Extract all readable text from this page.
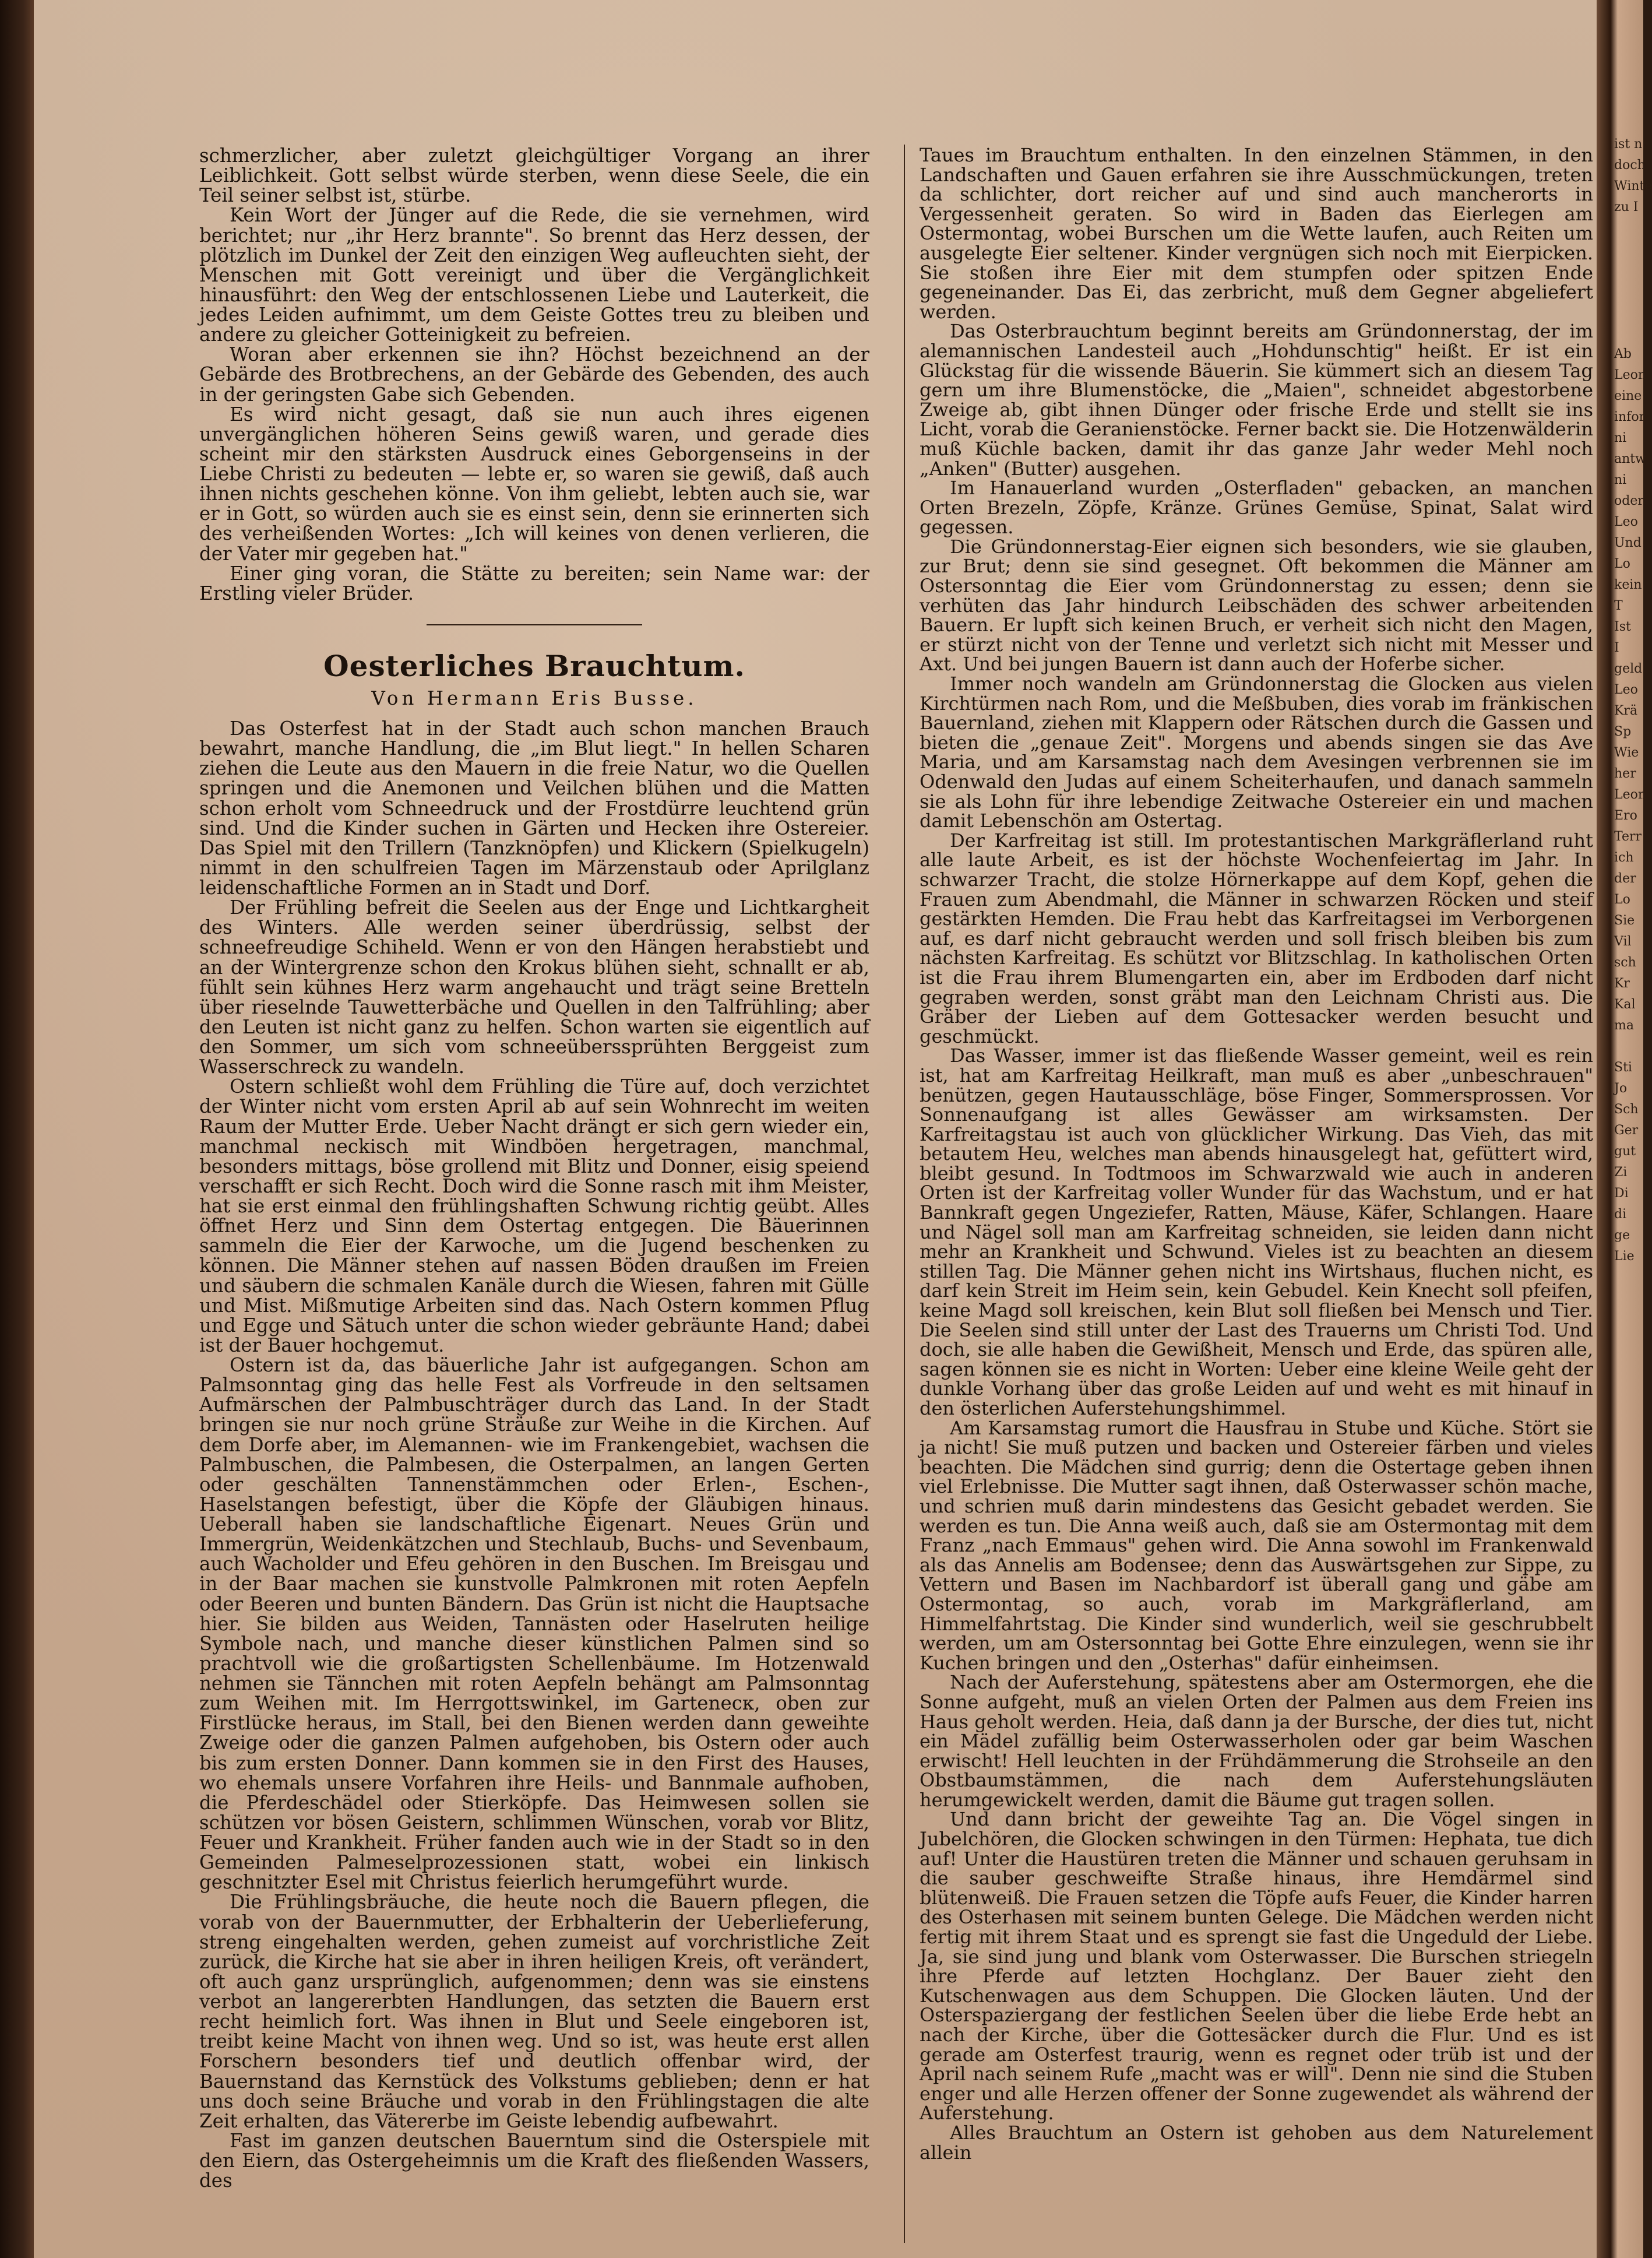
schmerzlicher, aber zuletzt gleichgültiger Vorgang an ihrer Leiblichkeit. Gott selbst würde sterben, wenn diese Seele, die ein Teil seiner selbst ist, stürbe.

Kein Wort der Jünger auf die Rede, die sie vernehmen, wird berichtet; nur „ihr Herz brannte". So brennt das Herz dessen, der plötzlich im Dunkel der Zeit den einzigen Weg aufleuchten sieht, der Menschen mit Gott vereinigt und über die Vergänglichkeit hinausführt: den Weg der entschlossenen Liebe und Lauterkeit, die jedes Leiden aufnimmt, um dem Geiste Gottes treu zu bleiben und andere zu gleicher Gotteinigkeit zu befreien.

Woran aber erkennen sie ihn? Höchst bezeichnend an der Gebärde des Brotbrechens, an der Gebärde des Gebenden, des auch in der geringsten Gabe sich Gebenden.

Es wird nicht gesagt, daß sie nun auch ihres eigenen unvergänglichen höheren Seins gewiß waren, und gerade dies scheint mir den stärksten Ausdruck eines Geborgenseins in der Liebe Christi zu bedeuten — lebte er, so waren sie gewiß, daß auch ihnen nichts geschehen könne. Von ihm geliebt, lebten auch sie, war er in Gott, so würden auch sie es einst sein, denn sie erinnerten sich des verheißenden Wortes: „Ich will keines von denen verlieren, die der Vater mir gegeben hat."

Einer ging voran, die Stätte zu bereiten; sein Name war: der Erstling vieler Brüder.

Oesterliches Brauchtum.
Von Hermann Eris Busse.

Das Osterfest hat in der Stadt auch schon manchen Brauch bewahrt, manche Handlung, die „im Blut liegt." In hellen Scharen ziehen die Leute aus den Mauern in die freie Natur, wo die Quellen springen und die Anemonen und Veilchen blühen und die Matten schon erholt vom Schneedruck und der Frostdürre leuchtend grün sind. Und die Kinder suchen in Gärten und Hecken ihre Ostereier. Das Spiel mit den Trillern (Tanzknöpfen) und Klickern (Spielkugeln) nimmt in den schulfreien Tagen im Märzenstaub oder Aprilglanz leidenschaftliche Formen an in Stadt und Dorf.

Der Frühling befreit die Seelen aus der Enge und Lichtkargheit des Winters. Alle werden seiner überdrüssig, selbst der schneefreudige Schiheld. Wenn er von den Hängen herabstiebt und an der Wintergrenze schon den Krokus blühen sieht, schnallt er ab, fühlt sein kühnes Herz warm angehaucht und trägt seine Bretteln über rieselnde Tauwetterbäche und Quellen in den Talfrühling; aber den Leuten ist nicht ganz zu helfen. Schon warten sie eigentlich auf den Sommer, um sich vom schneeüberssprühten Berggeist zum Wasserschreck zu wandeln.

Ostern schließt wohl dem Frühling die Türe auf, doch verzichtet der Winter nicht vom ersten April ab auf sein Wohnrecht im weiten Raum der Mutter Erde. Ueber Nacht drängt er sich gern wieder ein, manchmal neckisch mit Windböen hergetragen, manchmal, besonders mittags, böse grollend mit Blitz und Donner, eisig speiend verschafft er sich Recht. Doch wird die Sonne rasch mit ihm Meister, hat sie erst einmal den frühlingshaften Schwung richtig geübt. Alles öffnet Herz und Sinn dem Ostertag entgegen. Die Bäuerinnen sammeln die Eier der Karwoche, um die Jugend beschenken zu können. Die Männer stehen auf nassen Böden draußen im Freien und säubern die schmalen Kanäle durch die Wiesen, fahren mit Gülle und Mist. Mißmutige Arbeiten sind das. Nach Ostern kommen Pflug und Egge und Sätuch unter die schon wieder gebräunte Hand; dabei ist der Bauer hochgemut.

Ostern ist da, das bäuerliche Jahr ist aufgegangen. Schon am Palmsonntag ging das helle Fest als Vorfreude in den seltsamen Aufmärschen der Palmbuschträger durch das Land. In der Stadt bringen sie nur noch grüne Sträuße zur Weihe in die Kirchen. Auf dem Dorfe aber, im Alemannen- wie im Frankengebiet, wachsen die Palmbuschen, die Palmbesen, die Osterpalmen, an langen Gerten oder geschälten Tannenstämmchen oder Erlen-, Eschen-, Haselstangen befestigt, über die Köpfe der Gläubigen hinaus. Ueberall haben sie landschaftliche Eigenart. Neues Grün und Immergrün, Weidenkätzchen und Stechlaub, Buchs- und Sevenbaum, auch Wacholder und Efeu gehören in den Buschen. Im Breisgau und in der Baar machen sie kunstvolle Palmkronen mit roten Aepfeln oder Beeren und bunten Bändern. Das Grün ist nicht die Hauptsache hier. Sie bilden aus Weiden, Tannästen oder Haselruten heilige Symbole nach, und manche dieser künstlichen Palmen sind so prachtvoll wie die großartigsten Schellenbäume. Im Hotzenwald nehmen sie Tännchen mit roten Aepfeln behängt am Palmsonntag zum Weihen mit. Im Herrgottswinkel, im Gartenecк, oben zur Firstlücke heraus, im Stall, bei den Bienen werden dann geweihte Zweige oder die ganzen Palmen aufgehoben, bis Ostern oder auch bis zum ersten Donner. Dann kommen sie in den First des Hauses, wo ehemals unsere Vorfahren ihre Heils- und Bannmale aufhoben, die Pferdeschädel oder Stierköpfe. Das Heimwesen sollen sie schützen vor bösen Geistern, schlimmen Wünschen, vorab vor Blitz, Feuer und Krankheit. Früher fanden auch wie in der Stadt so in den Gemeinden Palmeselprozessionen statt, wobei ein linkisch geschnitzter Esel mit Christus feierlich herumgeführt wurde.

Die Frühlingsbräuche, die heute noch die Bauern pflegen, die vorab von der Bauernmutter, der Erbhalterin der Ueberlieferung, streng eingehalten werden, gehen zumeist auf vorchristliche Zeit zurück, die Kirche hat sie aber in ihren heiligen Kreis, oft verändert, oft auch ganz ursprünglich, aufgenommen; denn was sie einstens verbot an langererbten Handlungen, das setzten die Bauern erst recht heimlich fort. Was ihnen in Blut und Seele eingeboren ist, treibt keine Macht von ihnen weg. Und so ist, was heute erst allen Forschern besonders tief und deutlich offenbar wird, der Bauernstand das Kernstück des Volkstums geblieben; denn er hat uns doch seine Bräuche und vorab in den Frühlingstagen die alte Zeit erhalten, das Vätererbe im Geiste lebendig aufbewahrt.

Fast im ganzen deutschen Bauerntum sind die Osterspiele mit den Eiern, das Ostergeheimnis um die Kraft des fließenden Wassers, des

Taues im Brauchtum enthalten. In den einzelnen Stämmen, in den Landschaften und Gauen erfahren sie ihre Ausschmückungen, treten da schlichter, dort reicher auf und sind auch mancherorts in Vergessenheit geraten. So wird in Baden das Eierlegen am Ostermontag, wobei Burschen um die Wette laufen, auch Reiten um ausgelegte Eier seltener. Kinder vergnügen sich noch mit Eierpicken. Sie stoßen ihre Eier mit dem stumpfen oder spitzen Ende gegeneinander. Das Ei, das zerbricht, muß dem Gegner abgeliefert werden.

Das Osterbrauchtum beginnt bereits am Gründonnerstag, der im alemannischen Landesteil auch „Hohdunschtig" heißt. Er ist ein Glückstag für die wissende Bäuerin. Sie kümmert sich an diesem Tag gern um ihre Blumenstöcke, die „Maien", schneidet abgestorbene Zweige ab, gibt ihnen Dünger oder frische Erde und stellt sie ins Licht, vorab die Geranienstöcke. Ferner backt sie. Die Hotzenwälderin muß Küchle backen, damit ihr das ganze Jahr weder Mehl noch „Anken" (Butter) ausgehen.

Im Hanauerland wurden „Osterfladen" gebacken, an manchen Orten Brezeln, Zöpfe, Kränze. Grünes Gemüse, Spinat, Salat wird gegessen.

Die Gründonnerstag-Eier eignen sich besonders, wie sie glauben, zur Brut; denn sie sind gesegnet. Oft bekommen die Männer am Ostersonntag die Eier vom Gründonnerstag zu essen; denn sie verhüten das Jahr hindurch Leibschäden des schwer arbeitenden Bauern. Er lupft sich keinen Bruch, er verheit sich nicht den Magen, er stürzt nicht von der Tenne und verletzt sich nicht mit Messer und Axt. Und bei jungen Bauern ist dann auch der Hoferbe sicher.

Immer noch wandeln am Gründonnerstag die Glocken aus vielen Kirchtürmen nach Rom, und die Meßbuben, dies vorab im fränkischen Bauernland, ziehen mit Klappern oder Rätschen durch die Gassen und bieten die „genaue Zeit". Morgens und abends singen sie das Ave Maria, und am Karsamstag nach dem Avesingen verbrennen sie im Odenwald den Judas auf einem Scheiterhaufen, und danach sammeln sie als Lohn für ihre lebendige Zeitwache Ostereier ein und machen damit Lebenschön am Ostertag.

Der Karfreitag ist still. Im protestantischen Markgräflerland ruht alle laute Arbeit, es ist der höchste Wochenfeiertag im Jahr. In schwarzer Tracht, die stolze Hörnerkappe auf dem Kopf, gehen die Frauen zum Abendmahl, die Männer in schwarzen Röcken und steif gestärkten Hemden. Die Frau hebt das Karfreitagsei im Verborgenen auf, es darf nicht gebraucht werden und soll frisch bleiben bis zum nächsten Karfreitag. Es schützt vor Blitzschlag. In katholischen Orten ist die Frau ihrem Blumengarten ein, aber im Erdboden darf nicht gegraben werden, sonst gräbt man den Leichnam Christi aus. Die Gräber der Lieben auf dem Gottesacker werden besucht und geschmückt.

Das Wasser, immer ist das fließende Wasser gemeint, weil es rein ist, hat am Karfreitag Heilkraft, man muß es aber „unbeschrauen" benützen, gegen Hautausschläge, böse Finger, Sommersprossen. Vor Sonnenaufgang ist alles Gewässer am wirksamsten. Der Karfreitagstau ist auch von glücklicher Wirkung. Das Vieh, das mit betautem Heu, welches man abends hinausgelegt hat, gefüttert wird, bleibt gesund. In Todtmoos im Schwarzwald wie auch in anderen Orten ist der Karfreitag voller Wunder für das Wachstum, und er hat Bannkraft gegen Ungeziefer, Ratten, Mäuse, Käfer, Schlangen. Haare und Nägel soll man am Karfreitag schneiden, sie leiden dann nicht mehr an Krankheit und Schwund. Vieles ist zu beachten an diesem stillen Tag. Die Männer gehen nicht ins Wirtshaus, fluchen nicht, es darf kein Streit im Heim sein, kein Gebudel. Kein Knecht soll pfeifen, keine Magd soll kreischen, kein Blut soll fließen bei Mensch und Tier. Die Seelen sind still unter der Last des Trauerns um Christi Tod. Und doch, sie alle haben die Gewißheit, Mensch und Erde, das spüren alle, sagen können sie es nicht in Worten: Ueber eine kleine Weile geht der dunkle Vorhang über das große Leiden auf und weht es mit hinauf in den österlichen Auferstehungshimmel.

Am Karsamstag rumort die Hausfrau in Stube und Küche. Stört sie ja nicht! Sie muß putzen und backen und Ostereier färben und vieles beachten. Die Mädchen sind gurrig; denn die Ostertage geben ihnen viel Erlebnisse. Die Mutter sagt ihnen, daß Osterwasser schön mache, und schrien muß darin mindestens das Gesicht gebadet werden. Sie werden es tun. Die Anna weiß auch, daß sie am Ostermontag mit dem Franz „nach Emmaus" gehen wird. Die Anna sowohl im Frankenwald als das Annelis am Bodensee; denn das Auswärtsgehen zur Sippe, zu Vettern und Basen im Nachbardorf ist überall gang und gäbe am Ostermontag, so auch, vorab im Markgräflerland, am Himmelfahrtstag. Die Kinder sind wunderlich, weil sie geschrubbelt werden, um am Ostersonntag bei Gotte Ehre einzulegen, wenn sie ihr Kuchen bringen und den „Osterhas" dafür einheimsen.

Nach der Auferstehung, spätestens aber am Ostermorgen, ehe die Sonne aufgeht, muß an vielen Orten der Palmen aus dem Freien ins Haus geholt werden. Heia, daß dann ja der Bursche, der dies tut, nicht ein Mädel zufällig beim Osterwasserholen oder gar beim Waschen erwischt! Hell leuchten in der Frühdämmerung die Strohseile an den Obstbaumstämmen, die nach dem Auferstehungsläuten herumgewickelt werden, damit die Bäume gut tragen sollen.

Und dann bricht der geweihte Tag an. Die Vögel singen in Jubelchören, die Glocken schwingen in den Türmen: Hephata, tue dich auf! Unter die Haustüren treten die Männer und schauen geruhsam in die sauber geschweifte Straße hinaus, ihre Hemdärmel sind blütenweiß. Die Frauen setzen die Töpfe aufs Feuer, die Kinder harren des Osterhasen mit seinem bunten Gelege. Die Mädchen werden nicht fertig mit ihrem Staat und es sprengt sie fast die Ungeduld der Liebe. Ja, sie sind jung und blank vom Osterwasser. Die Burschen striegeln ihre Pferde auf letzten Hochglanz. Der Bauer zieht den Kutschenwagen aus dem Schuppen. Die Glocken läuten. Und der Osterspaziergang der festlichen Seelen über die liebe Erde hebt an nach der Kirche, über die Gottesäcker durch die Flur. Und es ist gerade am Osterfest traurig, wenn es regnet oder trüb ist und der April nach seinem Rufe „macht was er will". Denn nie sind die Stuben enger und alle Herzen offener der Sonne zugewendet als während der Auferstehung.

Alles Brauchtum an Ostern ist gehoben aus dem Naturelement allein

ist n
doch
Winte
zu I

Ab
Leon
eine
infor
ni
antw
ni
oder
Leo
Und
Lo
kein
T
Ist
I
geld
Leo
Krä
Sp
Wie
her
Leon
Ero
Terr
ich
der
Lo
Sie
Vil
sch
Kr
Kal
ma

Sti
Jo
Sch
Ger
gut
Zi
Di
di
ge
Lie
